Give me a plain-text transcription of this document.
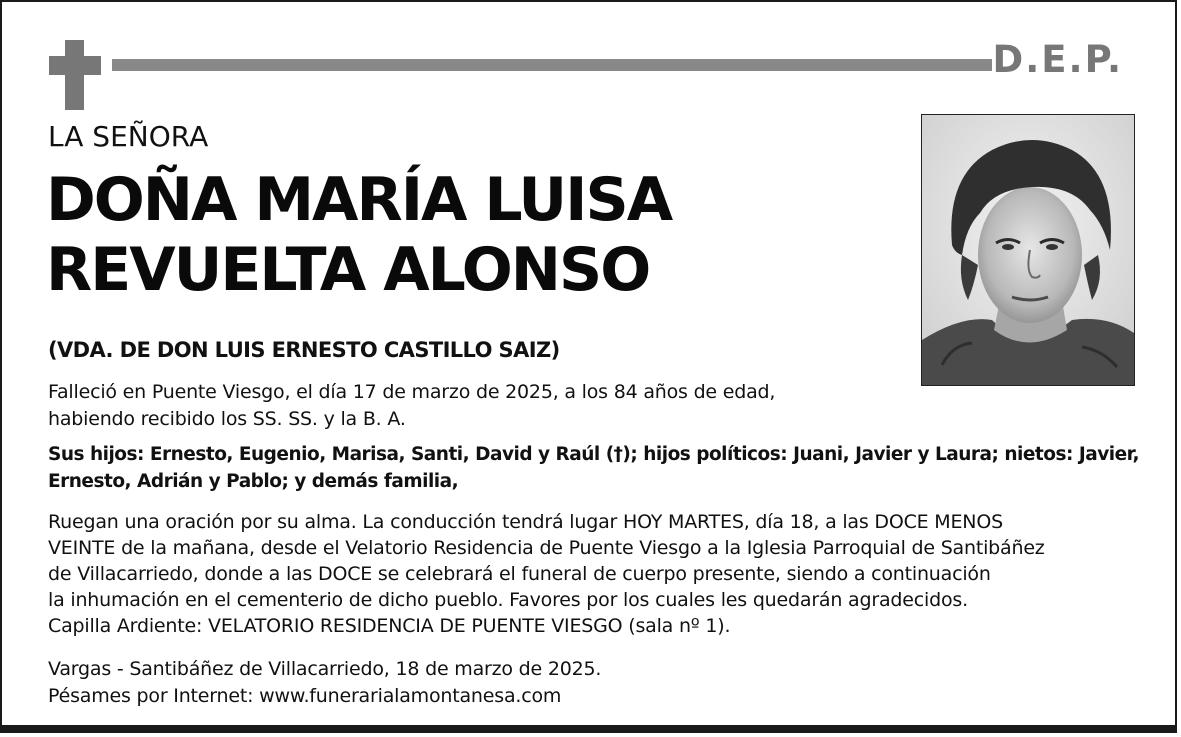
D.E.P.
LA SEÑORA
DOÑA MARÍA LUISA
REVUELTA ALONSO
(VDA. DE DON LUIS ERNESTO CASTILLO SAIZ)
Falleció en Puente Viesgo, el día 17 de marzo de 2025, a los 84 años de edad,
habiendo recibido los SS. SS. y la B. A.
Sus hijos: Ernesto, Eugenio, Marisa, Santi, David y Raúl (†); hijos políticos: Juani, Javier y Laura; nietos: Javier,
Ernesto, Adrián y Pablo; y demás familia,
Ruegan una oración por su alma. La conducción tendrá lugar HOY MARTES, día 18, a las DOCE MENOS
VEINTE de la mañana, desde el Velatorio Residencia de Puente Viesgo a la Iglesia Parroquial de Santibáñez
de Villacarriedo, donde a las DOCE se celebrará el funeral de cuerpo presente, siendo a continuación
la inhumación en el cementerio de dicho pueblo. Favores por los cuales les quedarán agradecidos.
Capilla Ardiente: VELATORIO RESIDENCIA DE PUENTE VIESGO (sala nº 1).
Vargas - Santibáñez de Villacarriedo, 18 de marzo de 2025.
Pésames por Internet: www.funerarialamontanesa.com
